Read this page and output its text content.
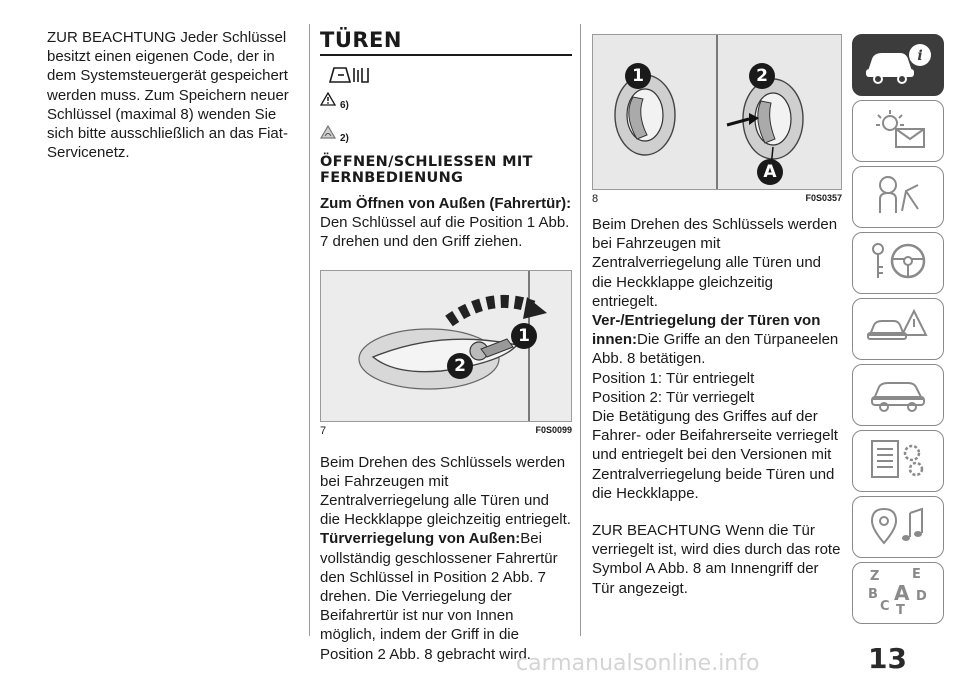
ZUR BEACHTUNG Jeder Schlüssel besitzt einen eigenen Code, der in dem Systemsteuergerät gespeichert werden muss. Zum Speichern neuer Schlüssel (maximal 8) wenden Sie sich bitte ausschließlich an das Fiat-Servicenetz.

TÜREN
6)
2)
ÖFFNEN/SCHLIESSEN MIT FERNBEDIENUNG

Zum Öffnen von Außen (Fahrertür):
Den Schlüssel auf die Position 1 Abb. 7 drehen und den Griff ziehen.

1
2
7	F0S0099

Beim Drehen des Schlüssels werden bei Fahrzeugen mit Zentralverriegelung alle Türen und die Heckklappe gleichzeitig entriegelt.

Türverriegelung von Außen:Bei vollständig geschlossener Fahrertür den Schlüssel in Position 2 Abb. 7 drehen. Die Verriegelung der Beifahrertür ist nur von Innen möglich, indem der Griff in die Position 2 Abb. 8 gebracht wird.

1	2
A
8	F0S0357

Beim Drehen des Schlüssels werden bei Fahrzeugen mit Zentralverriegelung alle Türen und die Heckklappe gleichzeitig entriegelt.

Ver-/Entriegelung der Türen von innen:Die Griffe an den Türpaneelen Abb. 8 betätigen.

Position 1: Tür entriegelt

Position 2: Tür verriegelt

Die Betätigung des Griffes auf der Fahrer- oder Beifahrerseite verriegelt und entriegelt bei den Versionen mit Zentralverriegelung beide Türen und die Heckklappe.

ZUR BEACHTUNG Wenn die Tür verriegelt ist, wird dies durch das rote Symbol A Abb. 8 am Innengriff der Tür angezeigt.

i
Z	E
B A D
C T
13
carmanualsonline.info
